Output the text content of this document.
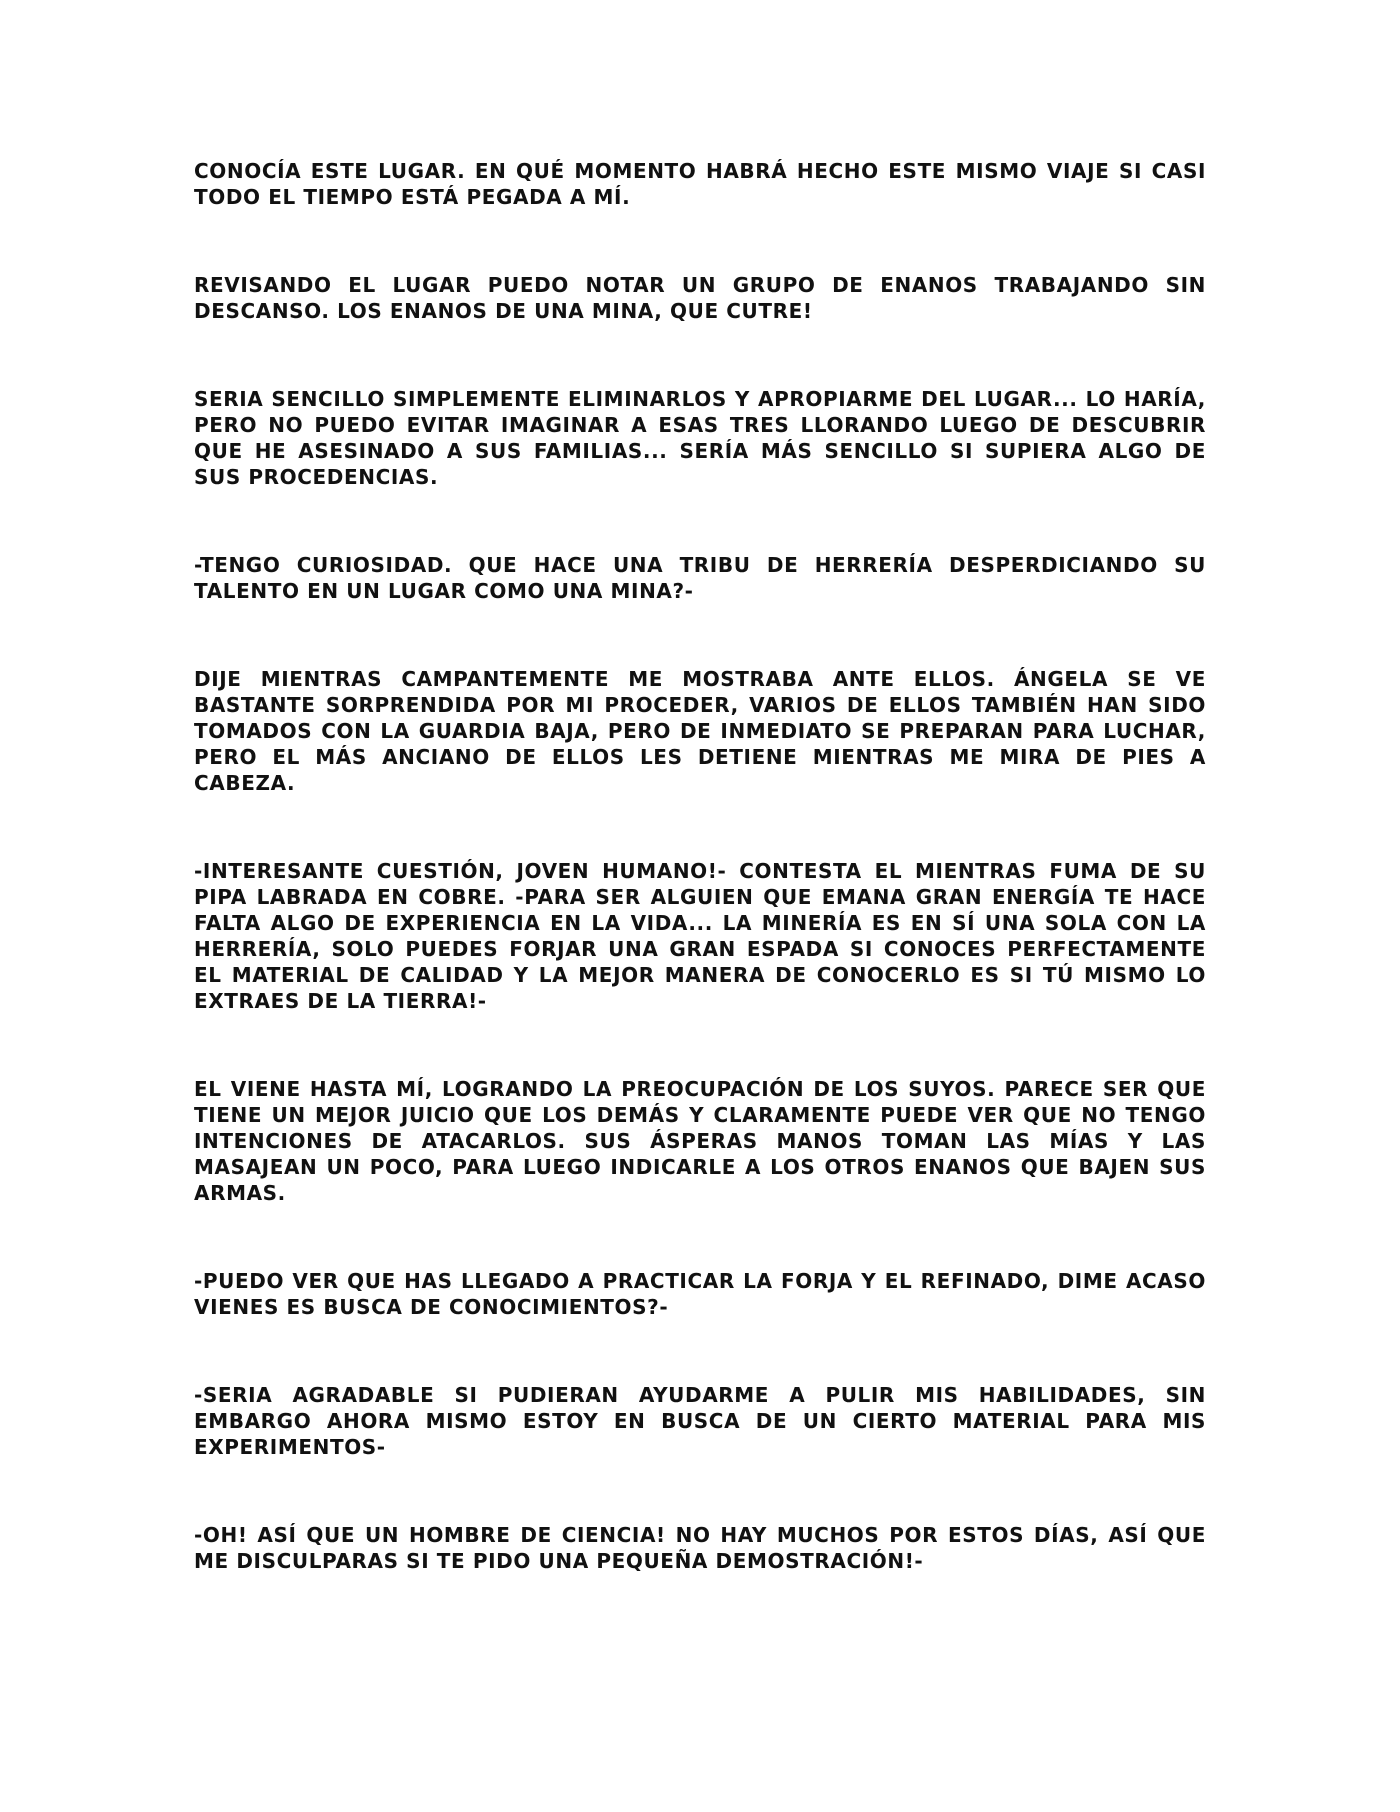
CONOCÍA ESTE LUGAR. EN QUÉ MOMENTO HABRÁ HECHO ESTE MISMO VIAJE SI CASI TODO EL TIEMPO ESTÁ PEGADA A MÍ.

REVISANDO EL LUGAR PUEDO NOTAR UN GRUPO DE ENANOS TRABAJANDO SIN DESCANSO. LOS ENANOS DE UNA MINA, QUE CUTRE!

SERIA SENCILLO SIMPLEMENTE ELIMINARLOS Y APROPIARME DEL LUGAR... LO HARÍA, PERO NO PUEDO EVITAR IMAGINAR A ESAS TRES LLORANDO LUEGO DE DESCUBRIR QUE HE ASESINADO A SUS FAMILIAS... SERÍA MÁS SENCILLO SI SUPIERA ALGO DE SUS PROCEDENCIAS.

-TENGO CURIOSIDAD. QUE HACE UNA TRIBU DE HERRERÍA DESPERDICIANDO SU TALENTO EN UN LUGAR COMO UNA MINA?-

DIJE MIENTRAS CAMPANTEMENTE ME MOSTRABA ANTE ELLOS. ÁNGELA SE VE BASTANTE SORPRENDIDA POR MI PROCEDER, VARIOS DE ELLOS TAMBIÉN HAN SIDO TOMADOS CON LA GUARDIA BAJA, PERO DE INMEDIATO SE PREPARAN PARA LUCHAR, PERO EL MÁS ANCIANO DE ELLOS LES DETIENE MIENTRAS ME MIRA DE PIES A CABEZA.

-INTERESANTE CUESTIÓN, JOVEN HUMANO!- CONTESTA EL MIENTRAS FUMA DE SU PIPA LABRADA EN COBRE. -PARA SER ALGUIEN QUE EMANA GRAN ENERGÍA TE HACE FALTA ALGO DE EXPERIENCIA EN LA VIDA... LA MINERÍA ES EN SÍ UNA SOLA CON LA HERRERÍA, SOLO PUEDES FORJAR UNA GRAN ESPADA SI CONOCES PERFECTAMENTE EL MATERIAL DE CALIDAD Y LA MEJOR MANERA DE CONOCERLO ES SI TÚ MISMO LO EXTRAES DE LA TIERRA!-

EL VIENE HASTA MÍ, LOGRANDO LA PREOCUPACIÓN DE LOS SUYOS. PARECE SER QUE TIENE UN MEJOR JUICIO QUE LOS DEMÁS Y CLARAMENTE PUEDE VER QUE NO TENGO INTENCIONES DE ATACARLOS. SUS ÁSPERAS MANOS TOMAN LAS MÍAS Y LAS MASAJEAN UN POCO, PARA LUEGO INDICARLE A LOS OTROS ENANOS QUE BAJEN SUS ARMAS.

-PUEDO VER QUE HAS LLEGADO A PRACTICAR LA FORJA Y EL REFINADO, DIME ACASO VIENES ES BUSCA DE CONOCIMIENTOS?-

-SERIA AGRADABLE SI PUDIERAN AYUDARME A PULIR MIS HABILIDADES, SIN EMBARGO AHORA MISMO ESTOY EN BUSCA DE UN CIERTO MATERIAL PARA MIS EXPERIMENTOS-

-OH! ASÍ QUE UN HOMBRE DE CIENCIA! NO HAY MUCHOS POR ESTOS DÍAS, ASÍ QUE ME DISCULPARAS SI TE PIDO UNA PEQUEÑA DEMOSTRACIÓN!-
